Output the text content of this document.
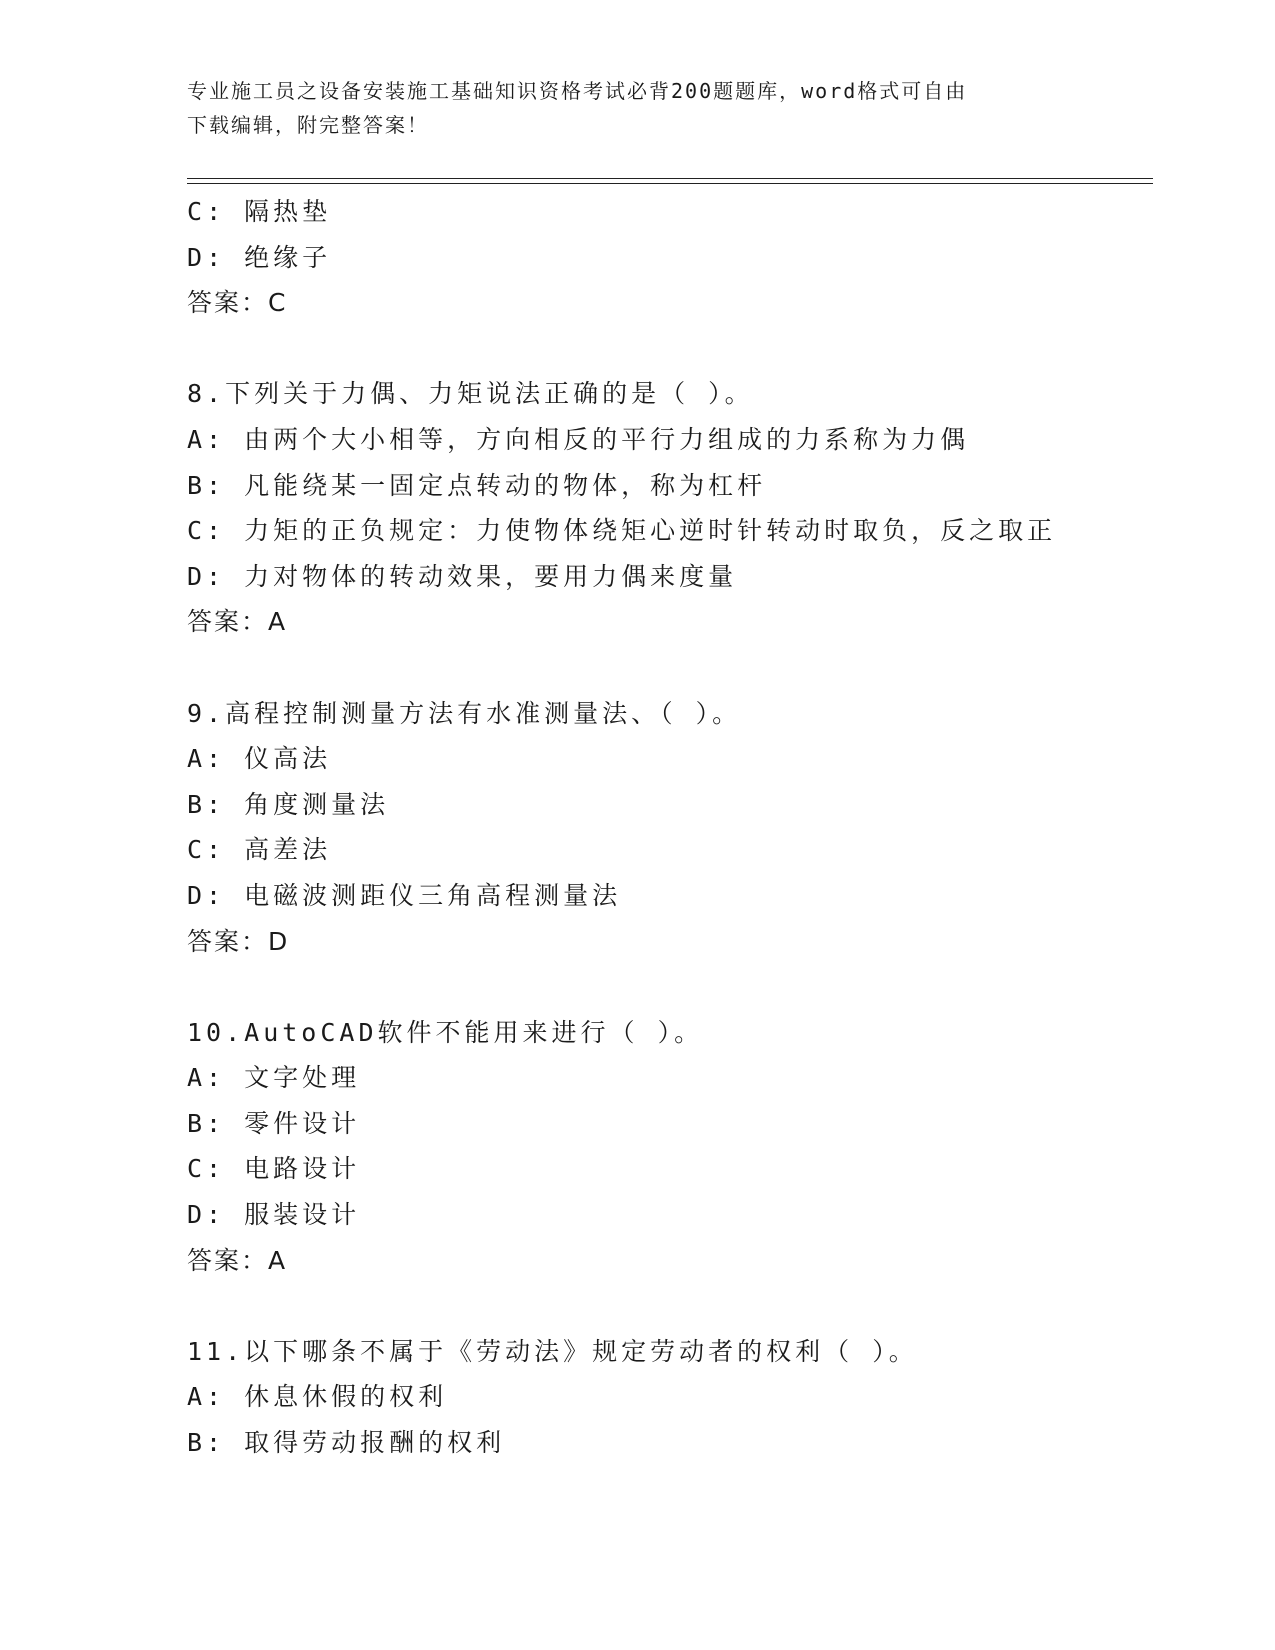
专业施工员之设备安装施工基础知识资格考试必背200题题库，word格式可自由
下载编辑，附完整答案！
C: 隔热垫
D: 绝缘子
答案：C
8.下列关于力偶、力矩说法正确的是（ ）。
A: 由两个大小相等，方向相反的平行力组成的力系称为力偶
B: 凡能绕某一固定点转动的物体，称为杠杆
C: 力矩的正负规定：力使物体绕矩心逆时针转动时取负，反之取正
D: 力对物体的转动效果，要用力偶来度量
答案：A
9.高程控制测量方法有水准测量法、（ ）。
A: 仪高法
B: 角度测量法
C: 高差法
D: 电磁波测距仪三角高程测量法
答案：D
10.AutoCAD软件不能用来进行（ ）。
A: 文字处理
B: 零件设计
C: 电路设计
D: 服装设计
答案：A
11.以下哪条不属于《劳动法》规定劳动者的权利（ ）。
A: 休息休假的权利
B: 取得劳动报酬的权利
